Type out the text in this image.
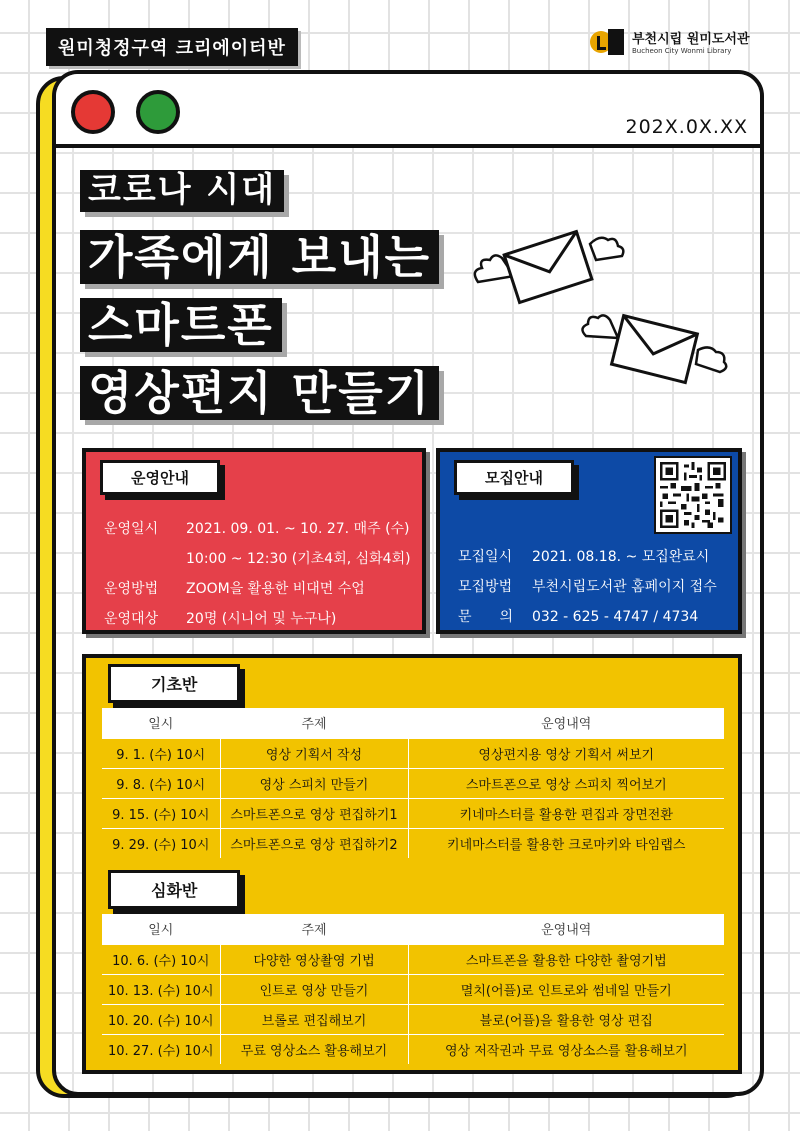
원미청정구역 크리에이터반	부천시립 원미도서관
Bucheon City Wonmi Library
202X.0X.XX
코로나 시대
가족에게 보내는
스마트폰
영상편지 만들기
운영안내
운영일시	2021. 09. 01. ~ 10. 27. 매주 (수)
10:00 ~ 12:30 (기초4회, 심화4회)
운영방법	ZOOM을 활용한 비대면 수업
운영대상	20명 (시니어 및 누구나)
모집안내
모집일시	2021. 08.18. ~ 모집완료시
모집방법	부천시립도서관 홈페이지 접수
문　　의	032 - 625 - 4747 / 4734
기초반
일시	주제	운영내역
9. 1. (수) 10시	영상 기획서 작성	영상편지용 영상 기획서 써보기
9. 8. (수) 10시	영상 스피치 만들기	스마트폰으로 영상 스피치 찍어보기
9. 15. (수) 10시	스마트폰으로 영상 편집하기1	키네마스터를 활용한 편집과 장면전환
9. 29. (수) 10시	스마트폰으로 영상 편집하기2	키네마스터를 활용한 크로마키와 타임랩스
심화반
일시	주제	운영내역
10. 6. (수) 10시	다양한 영상촬영 기법	스마트폰을 활용한 다양한 촬영기법
10. 13. (수) 10시	인트로 영상 만들기	멸치(어플)로 인트로와 썸네일 만들기
10. 20. (수) 10시	브롤로 편집해보기	블로(어플)을 활용한 영상 편집
10. 27. (수) 10시	무료 영상소스 활용해보기	영상 저작권과 무료 영상소스를 활용해보기
